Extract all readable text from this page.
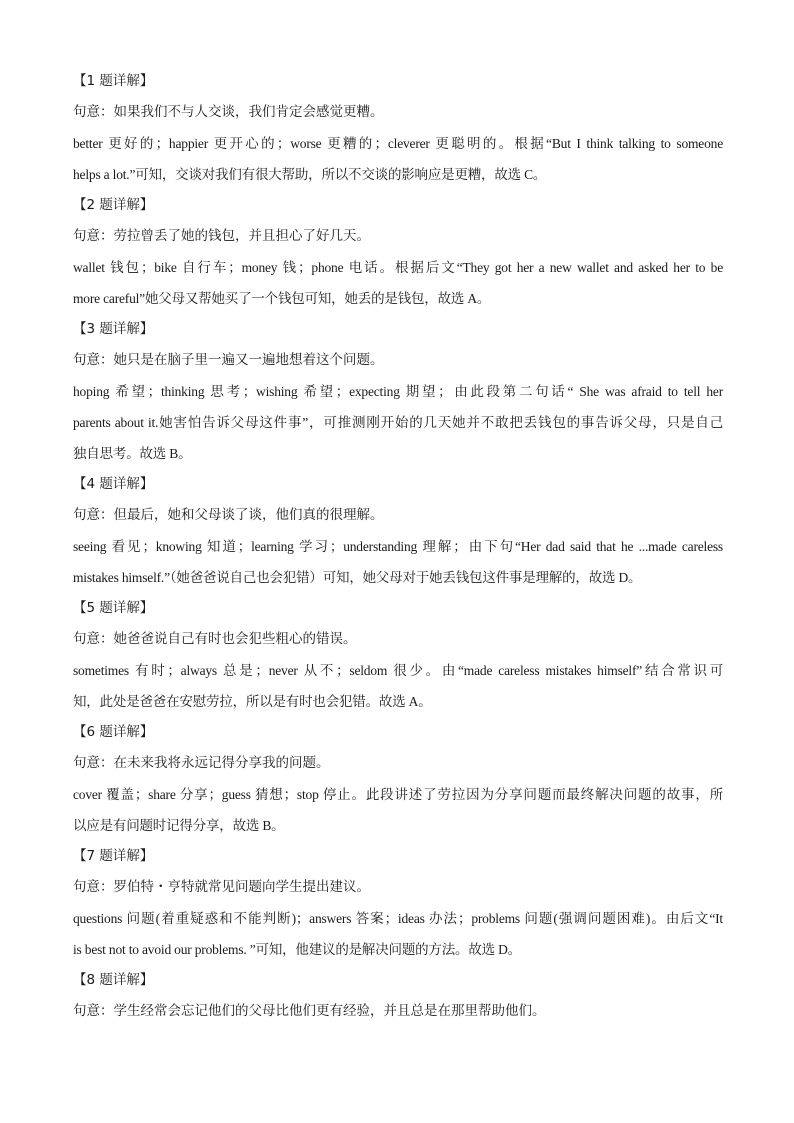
【1 题详解】
句意：如果我们不与人交谈，我们肯定会感觉更糟。
better 更好的；happier 更开心的；worse 更糟的；cleverer 更聪明的。根据“But I think talking to someone
helps a lot.”可知，交谈对我们有很大帮助，所以不交谈的影响应是更糟，故选 C。
【2 题详解】
句意：劳拉曾丢了她的钱包，并且担心了好几天。
wallet 钱包；bike 自行车；money 钱；phone 电话。根据后文“They got her a new wallet and asked her to be
more careful”她父母又帮她买了一个钱包可知，她丢的是钱包，故选 A。
【3 题详解】
句意：她只是在脑子里一遍又一遍地想着这个问题。
hoping 希望；thinking 思考；wishing 希望；expecting 期望；由此段第二句话“ She was afraid to tell her
parents about it.她害怕告诉父母这件事”，可推测刚开始的几天她并不敢把丢钱包的事告诉父母，只是自己
独自思考。故选 B。
【4 题详解】
句意：但最后，她和父母谈了谈，他们真的很理解。
seeing 看见；knowing 知道；learning 学习；understanding 理解；由下句“Her dad said that he ...made careless
mistakes himself.”（她爸爸说自己也会犯错）可知，她父母对于她丢钱包这件事是理解的，故选 D。
【5 题详解】
句意：她爸爸说自己有时也会犯些粗心的错误。
sometimes 有时；always 总是；never 从不；seldom 很少。由“made careless mistakes himself”结合常识可
知，此处是爸爸在安慰劳拉，所以是有时也会犯错。故选 A。
【6 题详解】
句意：在未来我将永远记得分享我的问题。
cover 覆盖；share 分享；guess 猜想；stop 停止。此段讲述了劳拉因为分享问题而最终解决问题的故事，所
以应是有问题时记得分享，故选 B。
【7 题详解】
句意：罗伯特・亨特就常见问题向学生提出建议。
questions 问题(着重疑惑和不能判断)；answers 答案；ideas 办法；problems 问题(强调问题困难)。由后文“It
is best not to avoid our problems. ”可知，他建议的是解决问题的方法。故选 D。
【8 题详解】
句意：学生经常会忘记他们的父母比他们更有经验，并且总是在那里帮助他们。
